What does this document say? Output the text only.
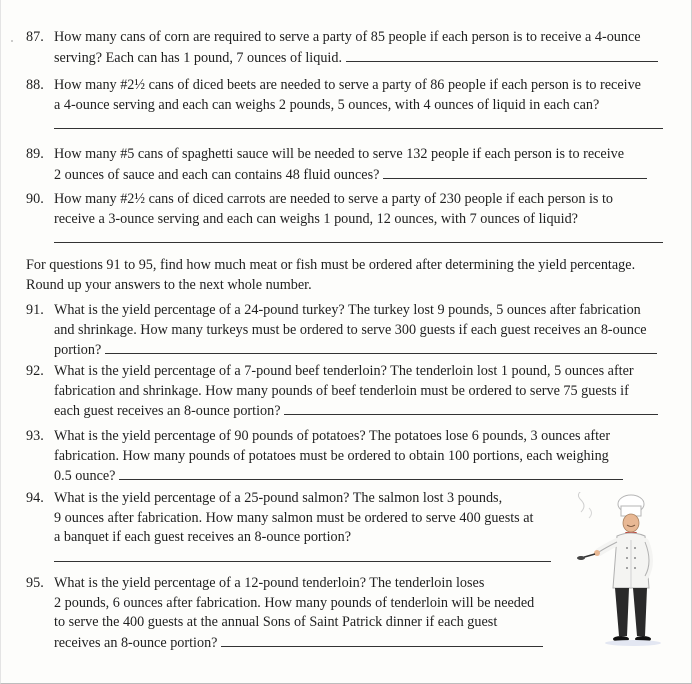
87. How many cans of corn are required to serve a party of 85 people if each person is to receive a 4-ounce
serving? Each can has 1 pound, 7 ounces of liquid.
88. How many #2½ cans of diced beets are needed to serve a party of 86 people if each person is to receive
a 4-ounce serving and each can weighs 2 pounds, 5 ounces, with 4 ounces of liquid in each can?
89. How many #5 cans of spaghetti sauce will be needed to serve 132 people if each person is to receive
2 ounces of sauce and each can contains 48 fluid ounces?
90. How many #2½ cans of diced carrots are needed to serve a party of 230 people if each person is to
receive a 3-ounce serving and each can weighs 1 pound, 12 ounces, with 7 ounces of liquid?
For questions 91 to 95, find how much meat or fish must be ordered after determining the yield percentage.
Round up your answers to the next whole number.
91. What is the yield percentage of a 24-pound turkey? The turkey lost 9 pounds, 5 ounces after fabrication
and shrinkage. How many turkeys must be ordered to serve 300 guests if each guest receives an 8-ounce
portion?
92. What is the yield percentage of a 7-pound beef tenderloin? The tenderloin lost 1 pound, 5 ounces after
fabrication and shrinkage. How many pounds of beef tenderloin must be ordered to serve 75 guests if
each guest receives an 8-ounce portion?
93. What is the yield percentage of 90 pounds of potatoes? The potatoes lose 6 pounds, 3 ounces after
fabrication. How many pounds of potatoes must be ordered to obtain 100 portions, each weighing
0.5 ounce?
94. What is the yield percentage of a 25-pound salmon? The salmon lost 3 pounds,
9 ounces after fabrication. How many salmon must be ordered to serve 400 guests at
a banquet if each guest receives an 8-ounce portion?
95. What is the yield percentage of a 12-pound tenderloin? The tenderloin loses
2 pounds, 6 ounces after fabrication. How many pounds of tenderloin will be needed
to serve the 400 guests at the annual Sons of Saint Patrick dinner if each guest
receives an 8-ounce portion?
